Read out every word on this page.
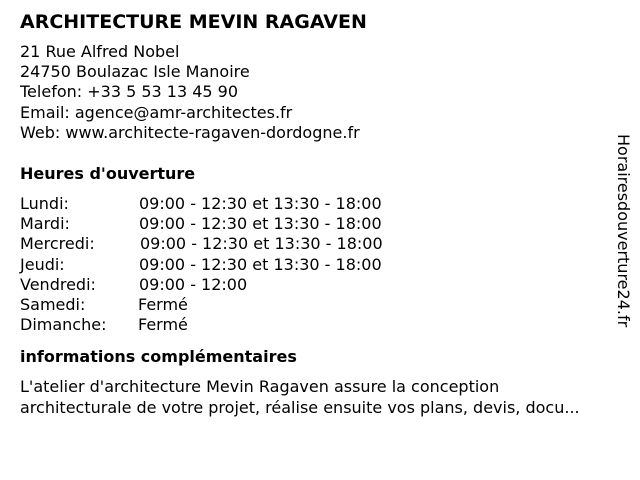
ARCHITECTURE MEVIN RAGAVEN
21 Rue Alfred Nobel
24750 Boulazac Isle Manoire
Telefon: +33 5 53 13 45 90
Email: agence@amr-architectes.fr
Web: www.architecte-ragaven-dordogne.fr
Heures d'ouverture
Lundi:	09:00 - 12:30 et 13:30 - 18:00
Mardi:	09:00 - 12:30 et 13:30 - 18:00
Mercredi:	09:00 - 12:30 et 13:30 - 18:00
Jeudi:	09:00 - 12:30 et 13:30 - 18:00
Vendredi:	09:00 - 12:00
Samedi:	Fermé
Dimanche: Fermé
informations complémentaires
L'atelier d'architecture Mevin Ragaven assure la conception
architecturale de votre projet, réalise ensuite vos plans, devis, docu...
Horairesdouverture24.fr
